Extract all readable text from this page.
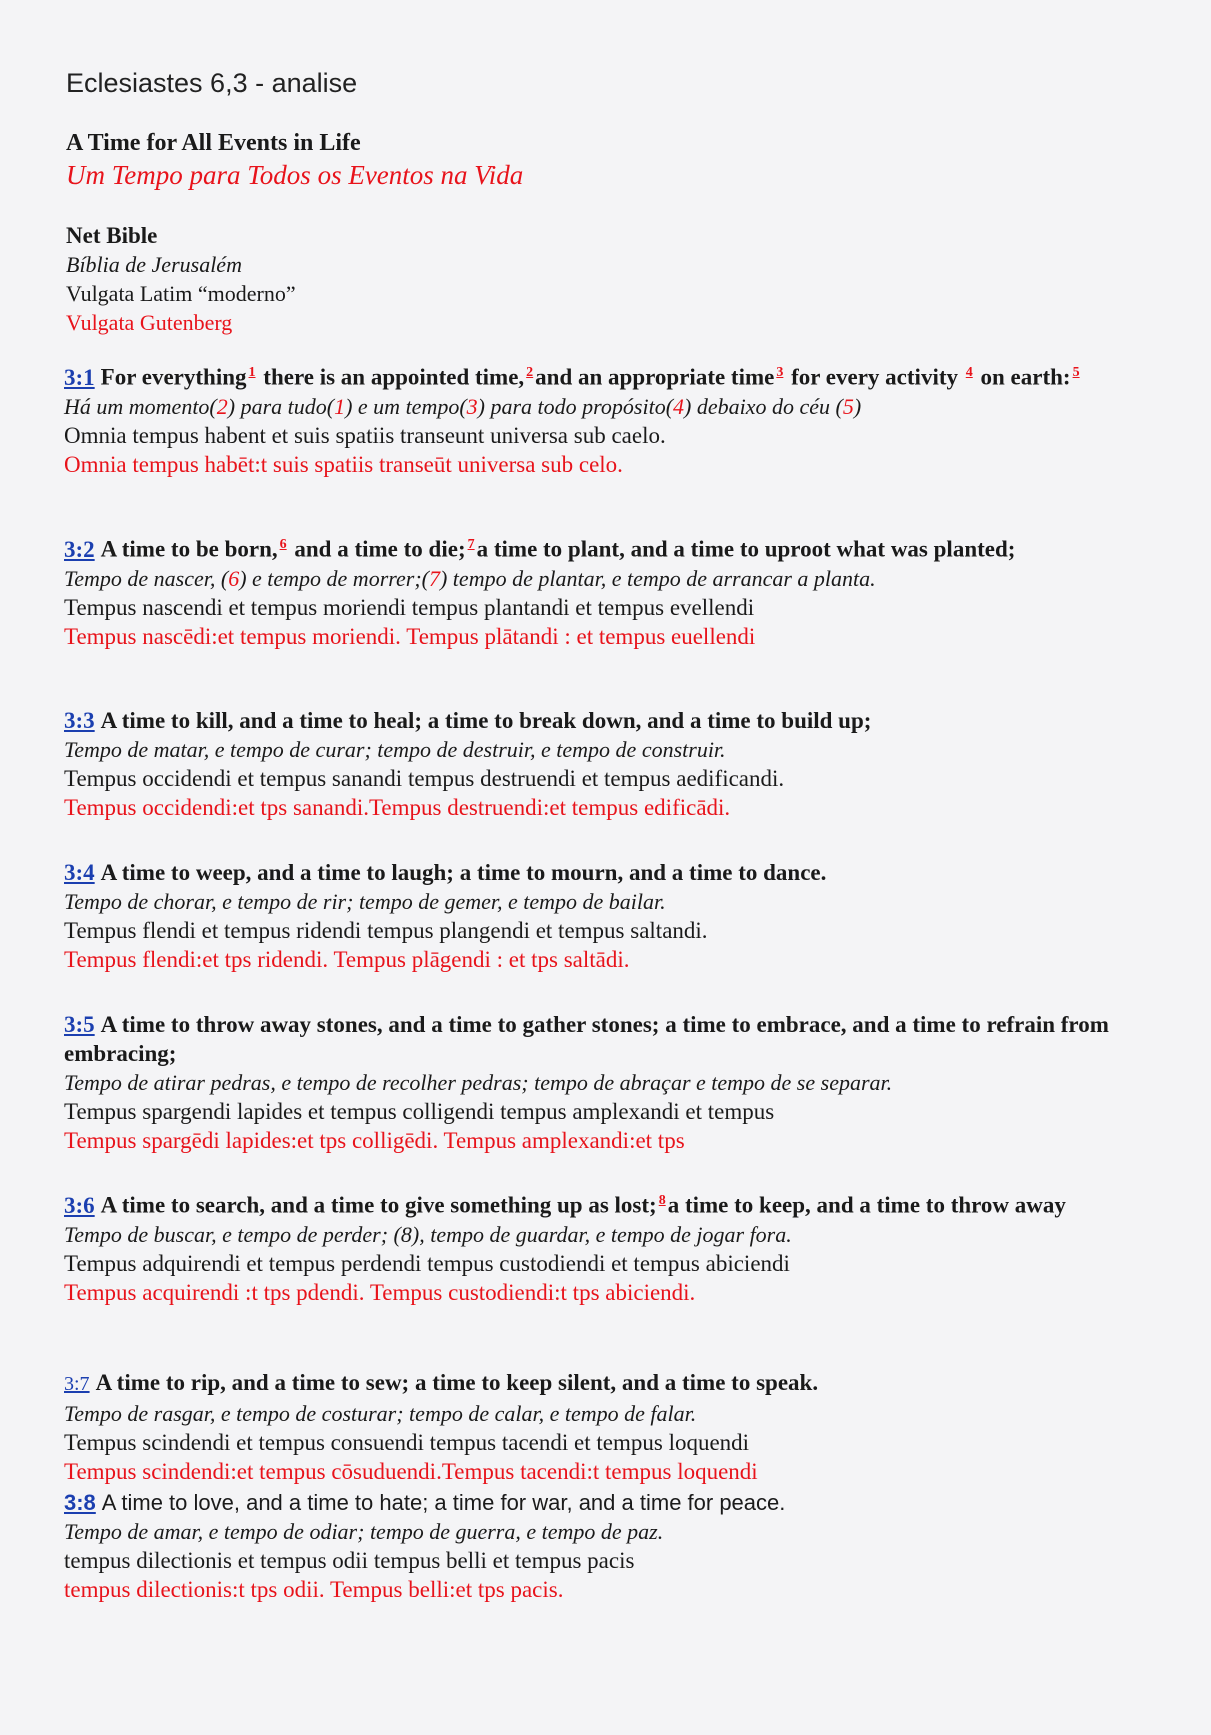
Eclesiastes 6,3 - analise
A Time for All Events in Life
Um Tempo para Todos os Eventos na Vida
Net Bible
Bíblia de Jerusalém
Vulgata Latim “moderno”
Vulgata Gutenberg
3:1 For everything $^1$ there is an appointed time, $^2$and an appropriate time $^3$ for every activity $^4$ on earth: $^5$
Há um momento(2) para tudo(1) e um tempo(3) para todo propósito(4) debaixo do céu (5)
Omnia tempus habent et suis spatiis transeunt universa sub caelo.
Omnia tempus habēt:t suis spatiis transeūt universa sub celo.
3:2 A time to be born, $^6$ and a time to die; $^7$a time to plant, and a time to uproot what was planted;
Tempo de nascer, (6) e tempo de morrer;(7) tempo de plantar, e tempo de arrancar a planta.
Tempus nascendi et tempus moriendi tempus plantandi et tempus evellendi
Tempus nascēdi:et tempus moriendi. Tempus plātandi : et tempus euellendi
3:3 A time to kill, and a time to heal; a time to break down, and a time to build up;
Tempo de matar, e tempo de curar; tempo de destruir, e tempo de construir.
Tempus occidendi et tempus sanandi tempus destruendi et tempus aedificandi.
Tempus occidendi:et tps sanandi.Tempus destruendi:et tempus edificādi.
3:4 A time to weep, and a time to laugh; a time to mourn, and a time to dance.
Tempo de chorar, e tempo de rir; tempo de gemer, e tempo de bailar.
Tempus flendi et tempus ridendi tempus plangendi et tempus saltandi.
Tempus flendi:et tps ridendi. Tempus plāgendi : et tps saltādi.
3:5 A time to throw away stones, and a time to gather stones; a time to embrace, and a time to refrain from embracing;
Tempo de atirar pedras, e tempo de recolher pedras; tempo de abraçar e tempo de se separar.
Tempus spargendi lapides et tempus colligendi tempus amplexandi et tempus
Tempus spargēdi lapides:et tps colligēdi. Tempus amplexandi:et tps
3:6 A time to search, and a time to give something up as lost; $^8$a time to keep, and a time to throw away
Tempo de buscar, e tempo de perder; (8), tempo de guardar, e tempo de jogar fora.
Tempus adquirendi et tempus perdendi tempus custodiendi et tempus abiciendi
Tempus acquirendi :t tps pdendi. Tempus custodiendi:t tps abiciendi.
3:7 A time to rip, and a time to sew; a time to keep silent, and a time to speak.
Tempo de rasgar, e tempo de costurar; tempo de calar, e tempo de falar.
Tempus scindendi et tempus consuendi tempus tacendi et tempus loquendi
Tempus scindendi:et tempus cōsuduendi.Tempus tacendi:t tempus loquendi
3:8 A time to love, and a time to hate; a time for war, and a time for peace.
Tempo de amar, e tempo de odiar; tempo de guerra, e tempo de paz.
tempus dilectionis et tempus odii tempus belli et tempus pacis
tempus dilectionis:t tps odii. Tempus belli:et tps pacis.
